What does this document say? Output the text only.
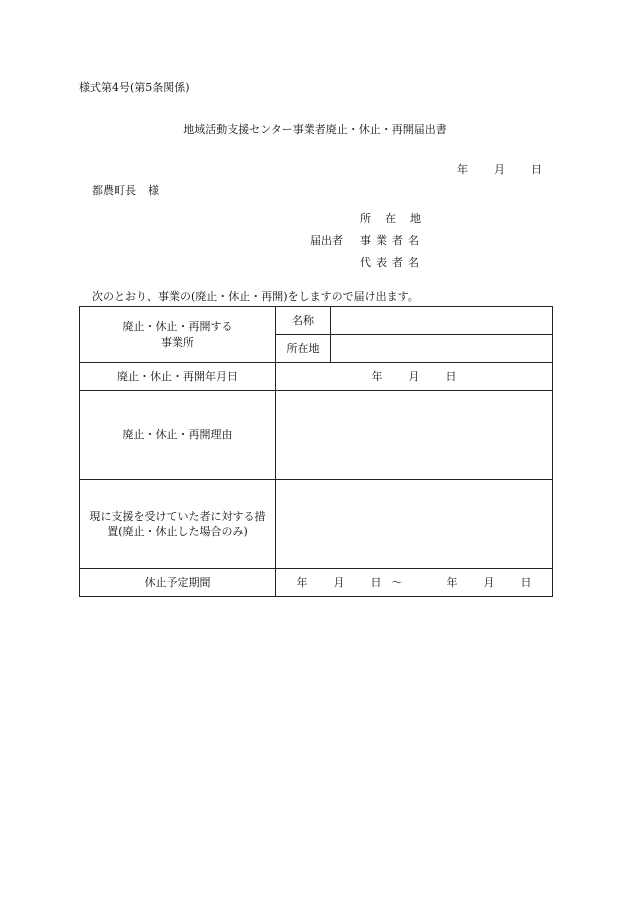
様式第4号(第5条関係)
地域活動支援センター事業者廃止・休止・再開届出書
年 月 日
都農町長 様
所在地
届出者	事業者名
代表者名
次のとおり、事業の(廃止・休止・再開)をしますので届け出ます。
廃止・休止・再開する
事業所	名称	
	所在地	
廃止・休止・再開年月日	年 月 日	
廃止・休止・再開理由		

現に支援を受けていた者に対する措
置(廃止・休止した場合のみ)		

休止予定期間	年 月 日 ～ 年 月 日	
